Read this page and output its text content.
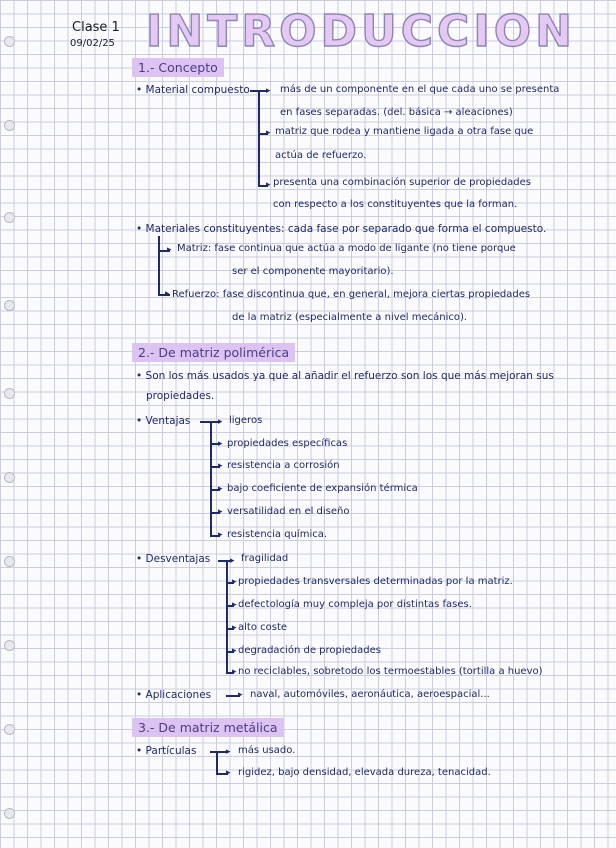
Clase 1
09/02/25 INTRODUCCION
1.- Concepto
• Material compuesto ▸ más de un componente en el que cada uno se presenta
en fases separadas. (del. básica → aleaciones)
▸ matriz que rodea y mantiene ligada a otra fase que
actúa de refuerzo.
▸ presenta una combinación superior de propiedades
con respecto a los constituyentes que la forman.
• Materiales constituyentes: cada fase por separado que forma el compuesto.
▸ Matriz: fase continua que actúa a modo de ligante (no tiene porque
ser el componente mayoritario).
▸ Refuerzo: fase discontinua que, en general, mejora ciertas propiedades
de la matriz (especialmente a nivel mecánico).
2.- De matriz polimérica
• Son los más usados ya que al añadir el refuerzo son los que más mejoran sus
propiedades.
• Ventajas	▸ ligeros
▸ propiedades específicas
▸ resistencia a corrosión
▸ bajo coeficiente de expansión térmica
▸ versatilidad en el diseño
▸ resistencia química.
• Desventajas ▸ fragilidad
▸ propiedades transversales determinadas por la matriz.
▸ defectología muy compleja por distintas fases.
▸ alto coste
▸ degradación de propiedades
▸ no reciclables, sobretodo los termoestables (tortilla a huevo)
• Aplicaciones	▸ naval, automóviles, aeronáutica, aeroespacial...
3.- De matriz metálica
• Partículas	▸ más usado.
▸ rigidez, bajo densidad, elevada dureza, tenacidad.
